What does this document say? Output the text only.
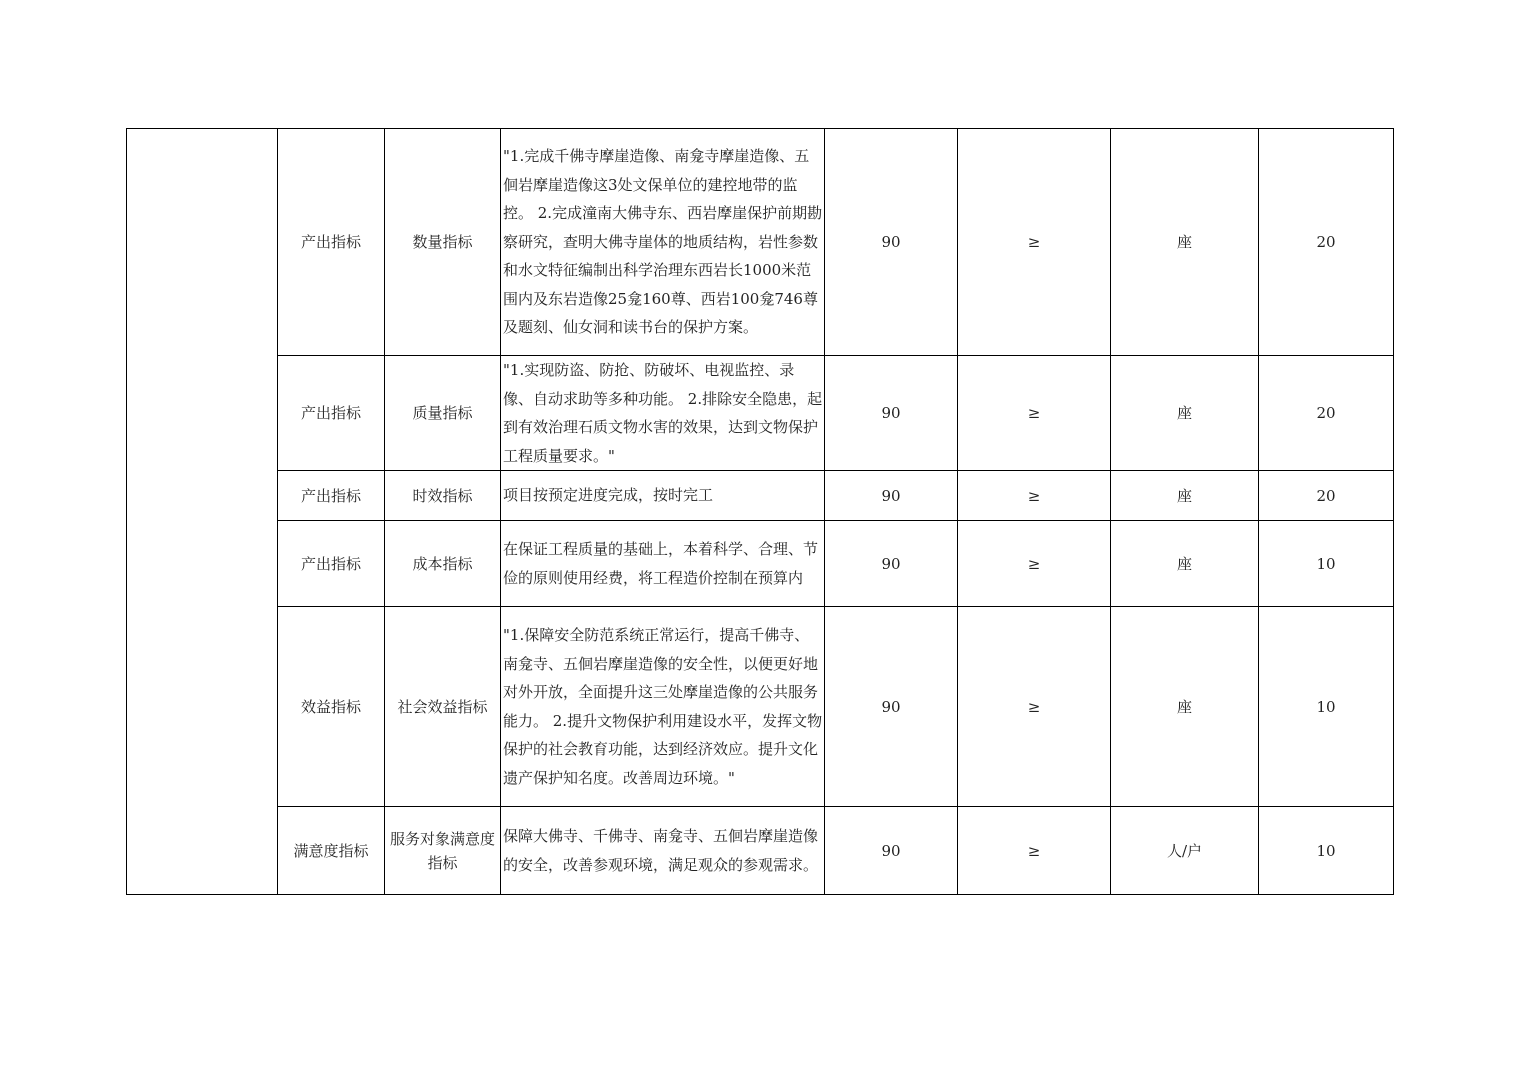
	产出指标	数量指标	"1.完成千佛寺摩崖造像、南龛寺摩崖造像、五佪岩摩崖造像这3处文保单位的建控地带的监控。 2.完成潼南大佛寺东、西岩摩崖保护前期勘察研究，查明大佛寺崖体的地质结构，岩性参数和水文特征编制出科学治理东西岩长1000米范围内及东岩造像25龛160尊、西岩100龛746尊及题刻、仙女洞和读书台的保护方案。	90	≥	座	20
	产出指标	质量指标	"1.实现防盗、防抢、防破坏、电视监控、录像、自动求助等多种功能。 2.排除安全隐患，起到有效治理石质文物水害的效果，达到文物保护工程质量要求。"	90	≥	座	20
	产出指标	时效指标	项目按预定进度完成，按时完工	90	≥	座	20
	产出指标	成本指标	在保证工程质量的基础上，本着科学、合理、节俭的原则使用经费，将工程造价控制在预算内	90	≥	座	10
	效益指标	社会效益指标	"1.保障安全防范系统正常运行，提高千佛寺、南龛寺、五佪岩摩崖造像的安全性，以便更好地对外开放，全面提升这三处摩崖造像的公共服务能力。 2.提升文物保护利用建设水平，发挥文物保护的社会教育功能，达到经济效应。提升文化遗产保护知名度。改善周边环境。"	90	≥	座	10
	满意度指标	服务对象满意度指标	保障大佛寺、千佛寺、南龛寺、五佪岩摩崖造像的安全，改善参观环境，满足观众的参观需求。	90	≥	人/户	10
